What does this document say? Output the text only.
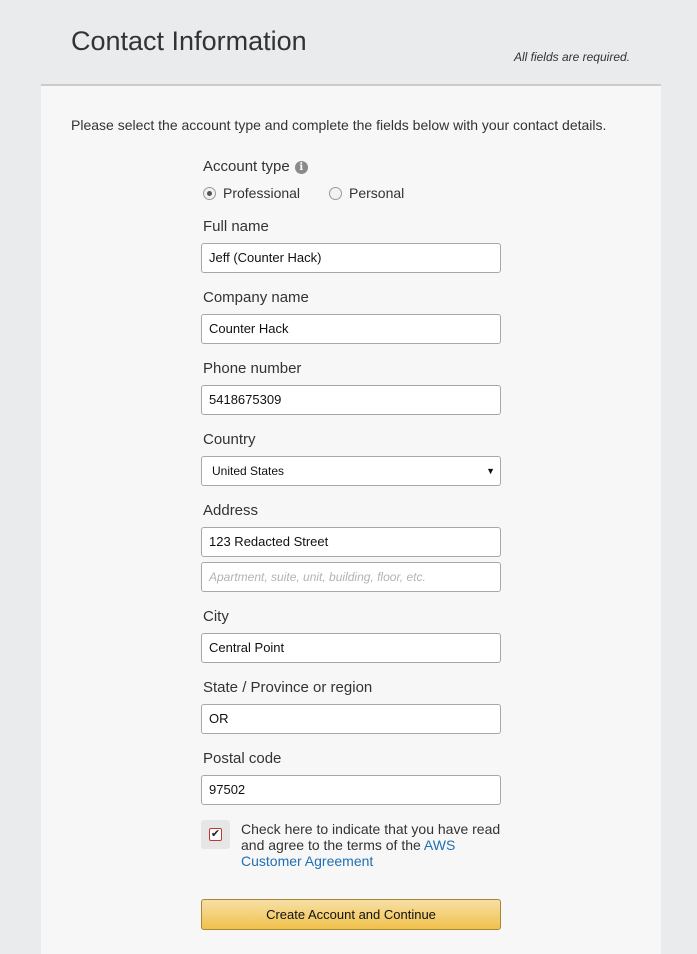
Contact Information
All fields are required.
Please select the account type and complete the fields below with your contact details.
Account type i
Professional	Personal
Full name
Jeff (Counter Hack)
Company name
Counter Hack
Phone number
5418675309
Country
United States	▼
Address
123 Redacted Street
Apartment, suite, unit, building, floor, etc.
City
Central Point
State / Province or region
OR
Postal code
97502
✔ Check here to indicate that you have read and agree to the terms of the AWS Customer Agreement
Create Account and Continue
